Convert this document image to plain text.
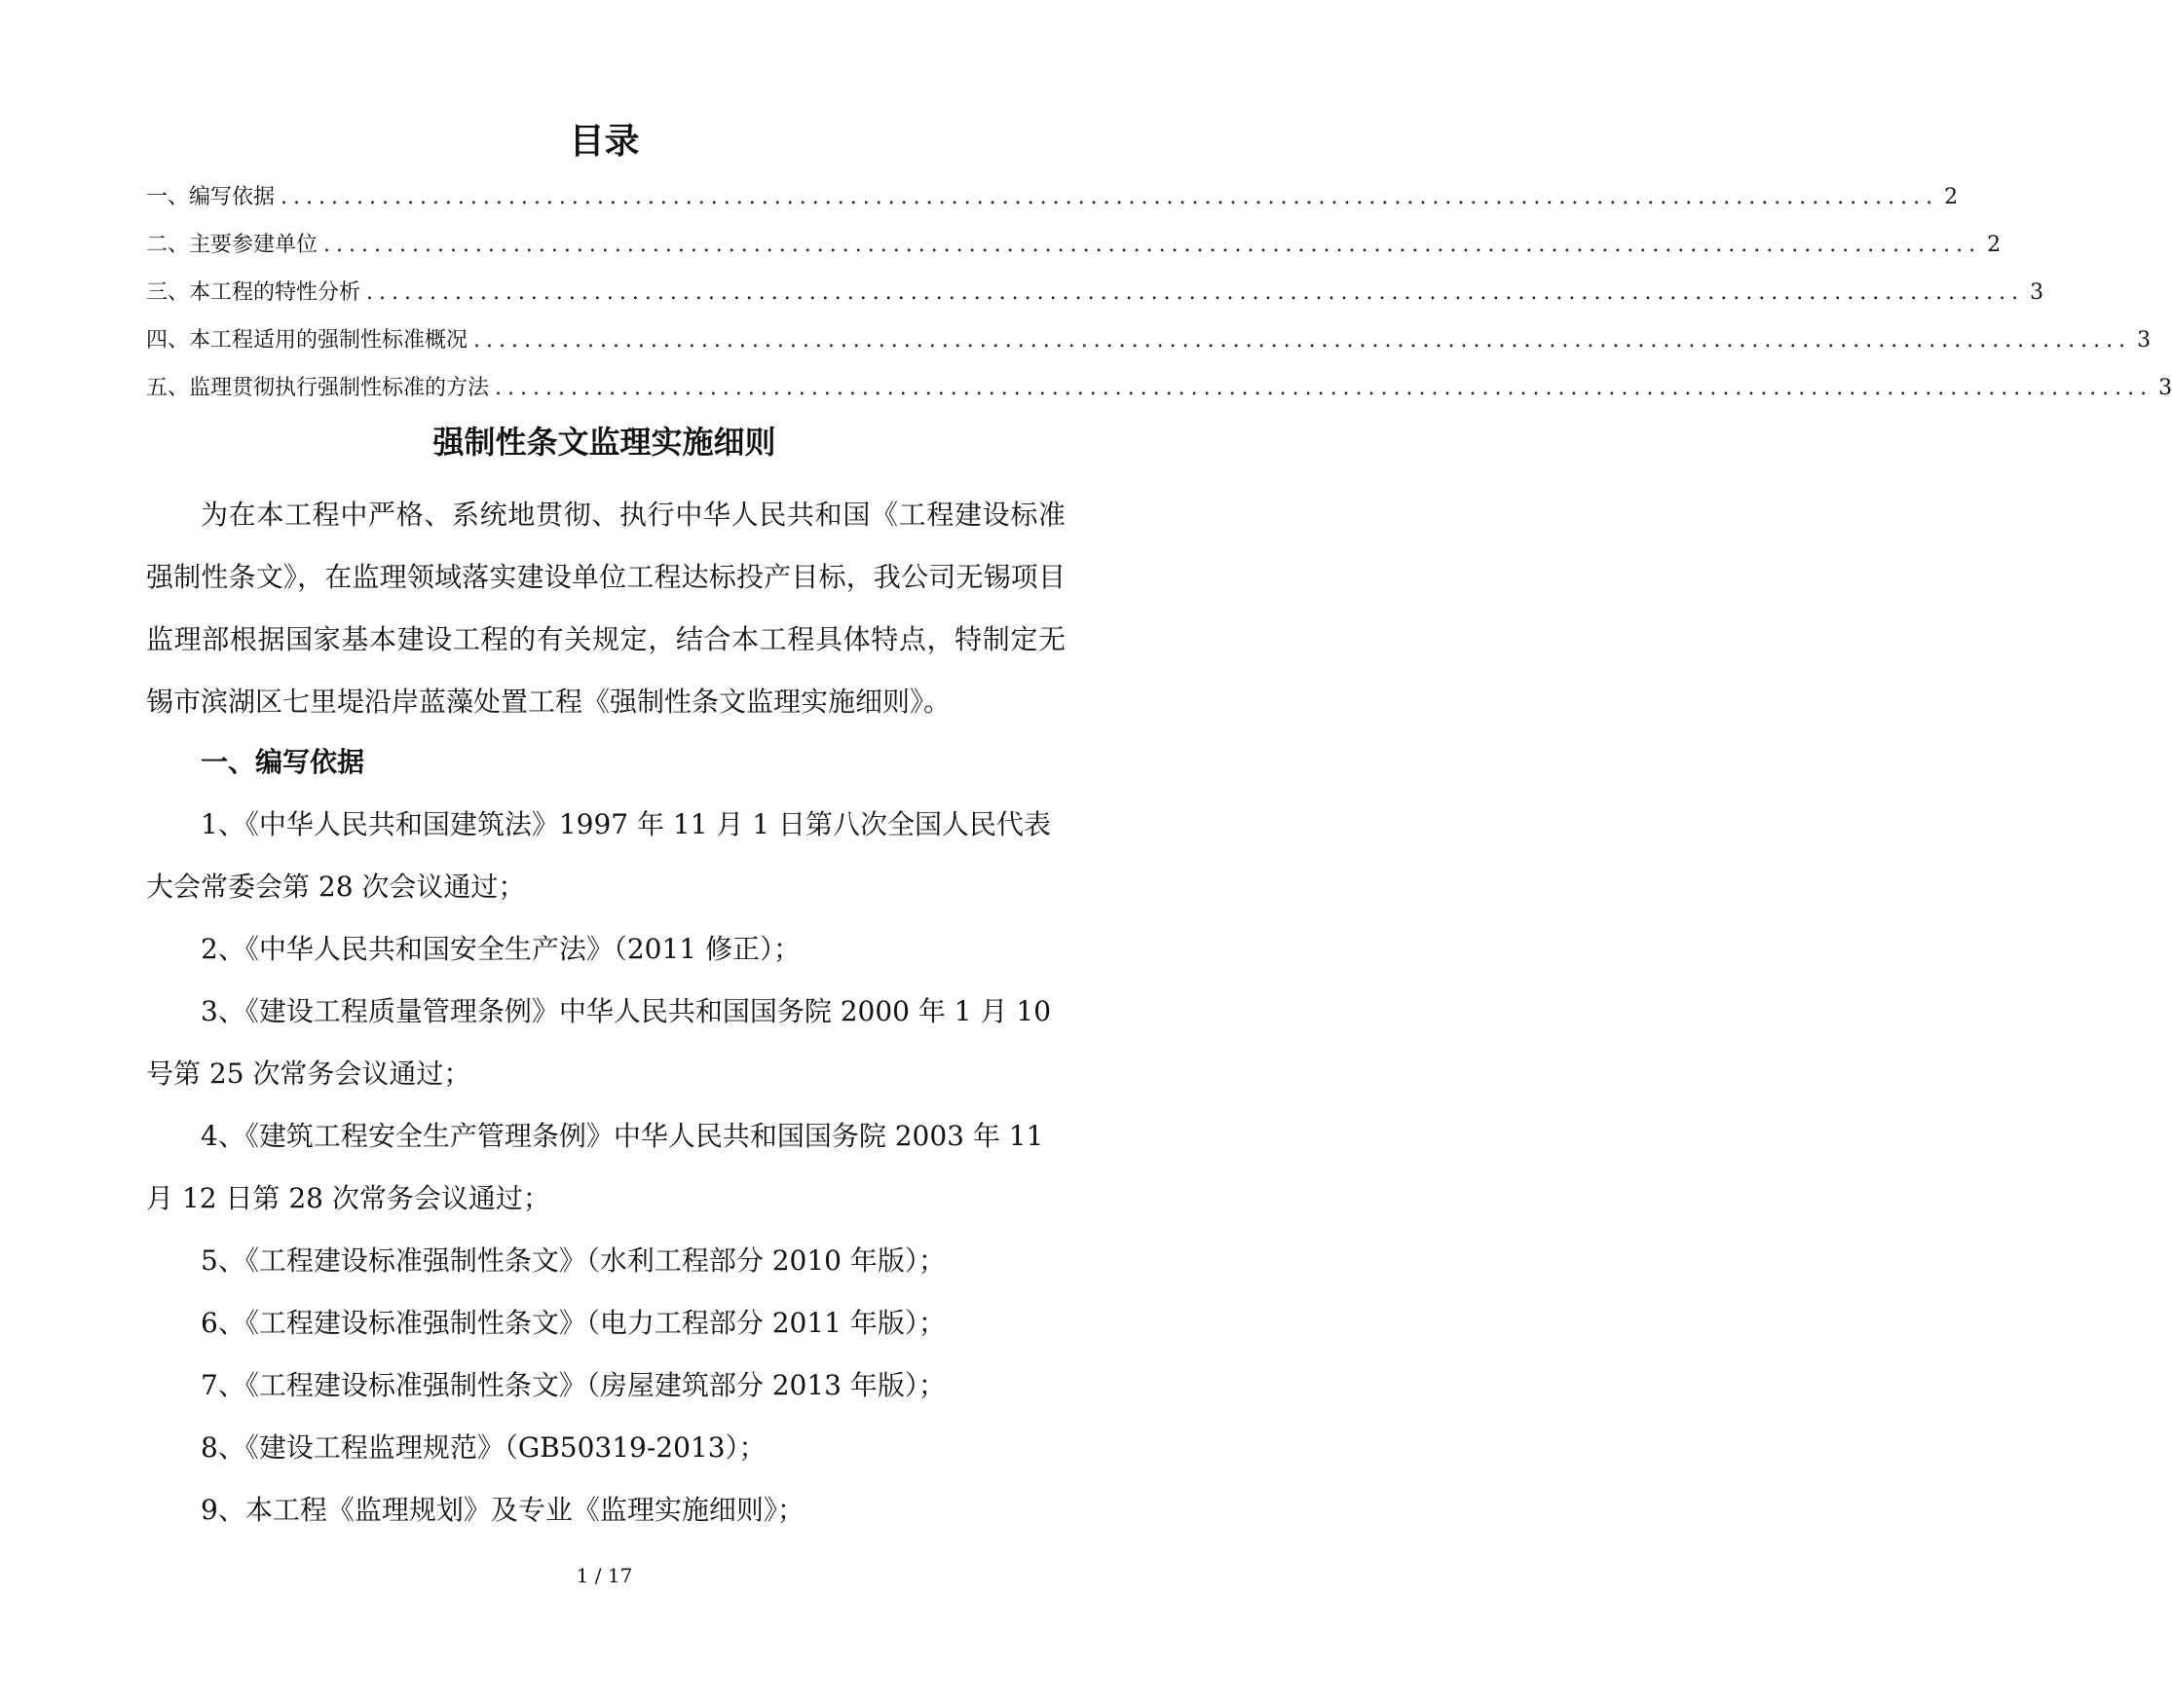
目录
一、编写依据 ................................................................................................................................... 2
二、主要参建单位 ................................................................................................................................... 2
三、本工程的特性分析 ................................................................................................................................... 3
四、本工程适用的强制性标准概况 ................................................................................................................................... 3
五、监理贯彻执行强制性标准的方法 ................................................................................................................................... 3
强制性条文监理实施细则

为在本工程中严格、系统地贯彻、执行中华人民共和国《工程建设标准强制性条文》，在监理领域落实建设单位工程达标投产目标，我公司无锡项目监理部根据国家基本建设工程的有关规定，结合本工程具体特点，特制定无锡市滨湖区七里堤沿岸蓝藻处置工程《强制性条文监理实施细则》。

一、编写依据

1、《中华人民共和国建筑法》1997 年 11 月 1 日第八次全国人民代表大会常委会第 28 次会议通过；

2、《中华人民共和国安全生产法》（2011 修正）；

3、《建设工程质量管理条例》中华人民共和国国务院 2000 年 1 月 10 号第 25 次常务会议通过；

4、《建筑工程安全生产管理条例》中华人民共和国国务院 2003 年 11 月 12 日第 28 次常务会议通过；

5、《工程建设标准强制性条文》（水利工程部分 2010 年版）；

6、《工程建设标准强制性条文》（电力工程部分 2011 年版）；

7、《工程建设标准强制性条文》（房屋建筑部分 2013 年版）；

8、《建设工程监理规范》（GB50319-2013）；

9、本工程《监理规划》及专业《监理实施细则》；

1 / 17
